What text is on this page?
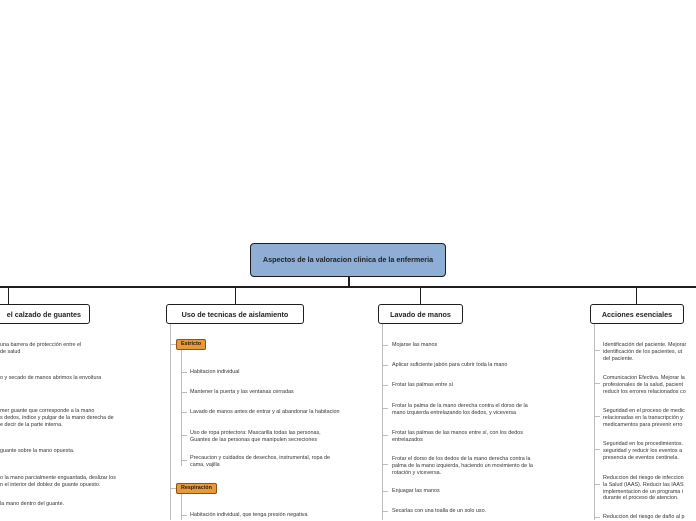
Aspectos de la valoracion clinica de la enfermeria
el calzado de guantes
una barrera de protección entre el
de salud
o y secado de manos abrimos la envoltura
mer guante que corresponde a la mano
s dedos, índice y pulgar de la mano derecha de
e decir de la parte interna.
guante sobre la mano opuesta.
o la mano parcialmente enguantada, deslizar los
n el interior del doblez de guante opuesto.
la mano dentro del guante.
Uso de tecnicas de aislamiento
Estricto
Habitacion individual
Mantener la puerta y las ventanas cerradas
Lavado de manos antes de entrar y al abandonar la habitacion
Uso de ropa protectora: Mascarilla todas las personas,
Guantes de las personas que manipulen secreciones
Precaucion y cuidados de desechos, instrumental, ropa de
cama, vajilla
Respiración
Habitación individual, que tenga presión negativa
Lavado de manos
Mojarse las manos
Aplicar suficiente jabón para cubrir toda la mano
Frotar las palmas entre sí
Frotar la palma de la mano derecha contra el dorso de la
mano izquierda entrelazando los dedos, y viceversa
Frotar las palmas de las manos entre sí, con los dedos
entrelazados
Frotar el dorso de los dedos de la mano derecha contra la
palma de la mano izquierda, haciendo un movimiento de la
rotación y viceversa.
Enjuagar las manos
Secarlas con una toalla de un solo uso.
Acciones esenciales
Identificación del paciente. Mejorar
identificación de los pacientes, ut
del paciente.
Comunicacion Efectiva. Mejorar la
profesionales de la salud, pacient
reducir los errores relacionados co
Seguridad en el proceso de medic
relacionadas en la transcripción y
medicamentos para prevenir erro
Seguridad en los procedimientos.
seguridad y reducir los eventos a
presencia de eventos centinela.
Reduccion del riesgo de infeccion
la Salud (IAAS). Reducir las IAAS
implementacion de un programa i
durante el proceso de atencion.
Reduccion del riesgo de daño al p
